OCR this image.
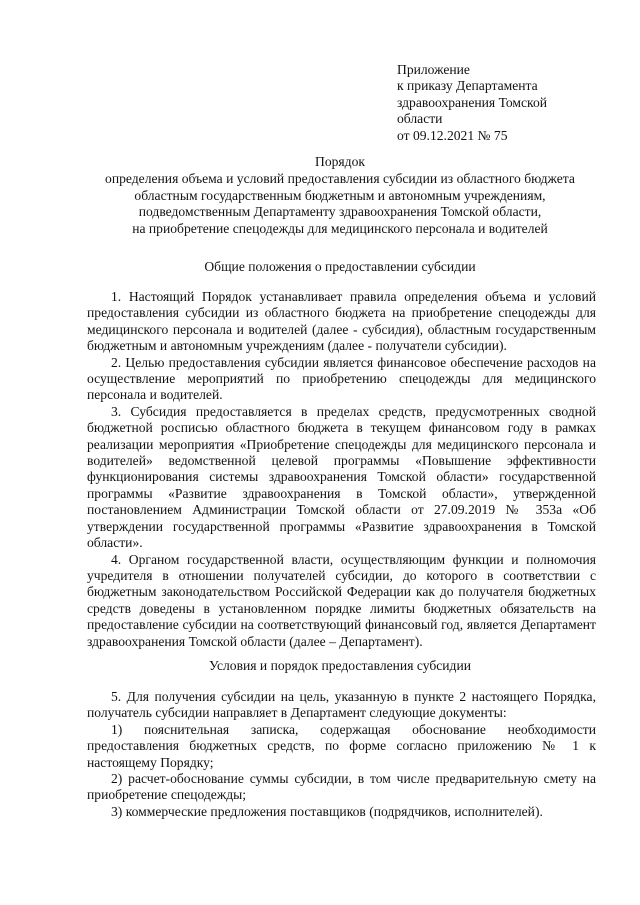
Приложение
к приказу Департамента
здравоохранения Томской
области
от 09.12.2021 № 75
Порядок
определения объема и условий предоставления субсидии из областного бюджета
областным государственным бюджетным и автономным учреждениям,
подведомственным Департаменту здравоохранения Томской области,
на приобретение спецодежды для медицинского персонала и водителей
Общие положения о предоставлении субсидии

1. Настоящий Порядок устанавливает правила определения объема и условий предоставления субсидии из областного бюджета на приобретение спецодежды для медицинского персонала и водителей (далее - субсидия), областным государственным бюджетным и автономным учреждениям (далее - получатели субсидии).

2. Целью предоставления субсидии является финансовое обеспечение расходов на осуществление мероприятий по приобретению спецодежды для медицинского персонала и водителей.

3. Субсидия предоставляется в пределах средств, предусмотренных сводной бюджетной росписью областного бюджета в текущем финансовом году в рамках реализации мероприятия «Приобретение спецодежды для медицинского персонала и водителей» ведомственной целевой программы «Повышение эффективности функционирования системы здравоохранения Томской области» государственной программы «Развитие здравоохранения в Томской области», утвержденной постановлением Администрации Томской области от 27.09.2019 № 353а «Об утверждении государственной программы «Развитие здравоохранения в Томской области».

4. Органом государственной власти, осуществляющим функции и полномочия учредителя в отношении получателей субсидии, до которого в соответствии с бюджетным законодательством Российской Федерации как до получателя бюджетных средств доведены в установленном порядке лимиты бюджетных обязательств на предоставление субсидии на соответствующий финансовый год, является Департамент здравоохранения Томской области (далее – Департамент).

Условия и порядок предоставления субсидии

5. Для получения субсидии на цель, указанную в пункте 2 настоящего Порядка, получатель субсидии направляет в Департамент следующие документы:

1) пояснительная записка, содержащая обоснование необходимости предоставления бюджетных средств, по форме согласно приложению № 1 к настоящему Порядку;

2) расчет-обоснование суммы субсидии, в том числе предварительную смету на приобретение спецодежды;

3) коммерческие предложения поставщиков (подрядчиков, исполнителей).
